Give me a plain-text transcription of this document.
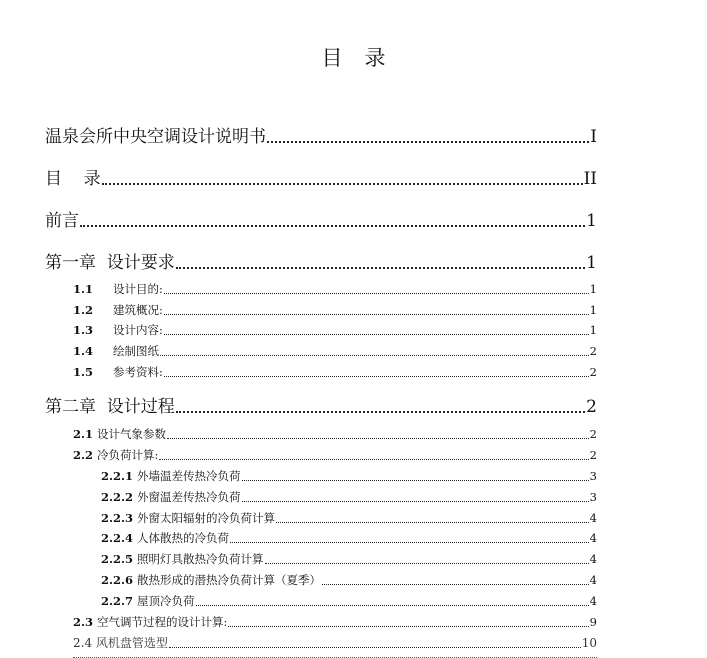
目 录
温泉会所中央空调设计说明书	I
目    录	II
前言	1
第一章  设计要求	1
1.1	设计目的:	1
1.2	建筑概况:	1
1.3	设计内容:	1
1.4	绘制图纸	2
1.5	参考资料:	2
第二章  设计过程	2
2.1 设计气象参数	2
2.2 冷负荷计算:	2
2.2.1 外墙温差传热冷负荷	3
2.2.2 外窗温差传热冷负荷	3
2.2.3 外窗太阳辐射的冷负荷计算	4
2.2.4 人体散热的冷负荷	4
2.2.5 照明灯具散热冷负荷计算	4
2.2.6 散热形成的潜热冷负荷计算（夏季）	4
2.2.7 屋顶冷负荷	4
2.3 空气调节过程的设计计算:	9
2.4 风机盘管选型	10
